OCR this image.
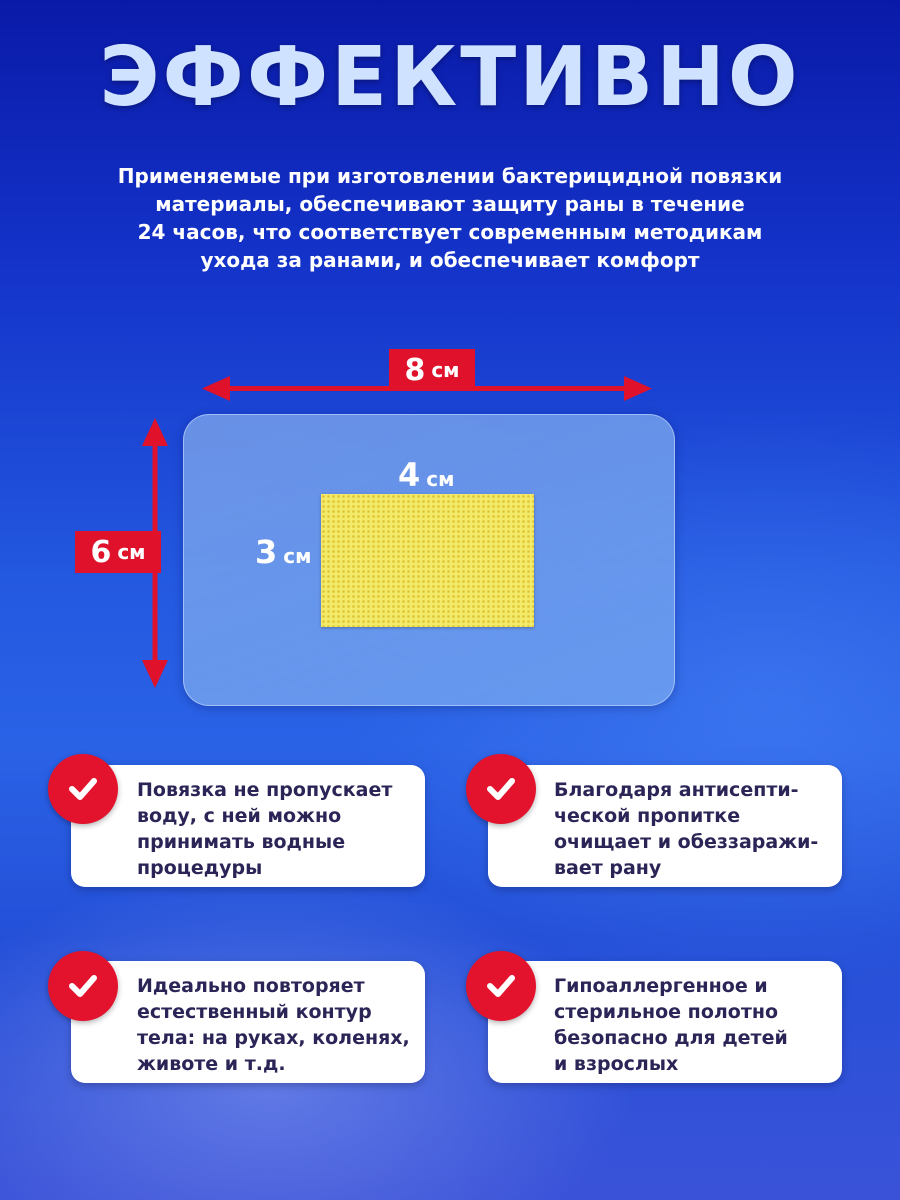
ЭФФЕКТИВНО
Применяемые при изготовлении бактерицидной повязки
материалы, обеспечивают защиту раны в течение
24 часов, что соответствует современным методикам
ухода за ранами, и обеспечивает комфорт
8 см
6 см
4 см
3 см
Повязка не пропускает
воду, с ней можно
принимать водные
процедуры
Благодаря антисепти-
ческой пропитке
очищает и обеззаражи-
вает рану
Идеально повторяет
естественный контур
тела: на руках, коленях,
животе и т.д.
Гипоаллергенное и
стерильное полотно
безопасно для детей
и взрослых
